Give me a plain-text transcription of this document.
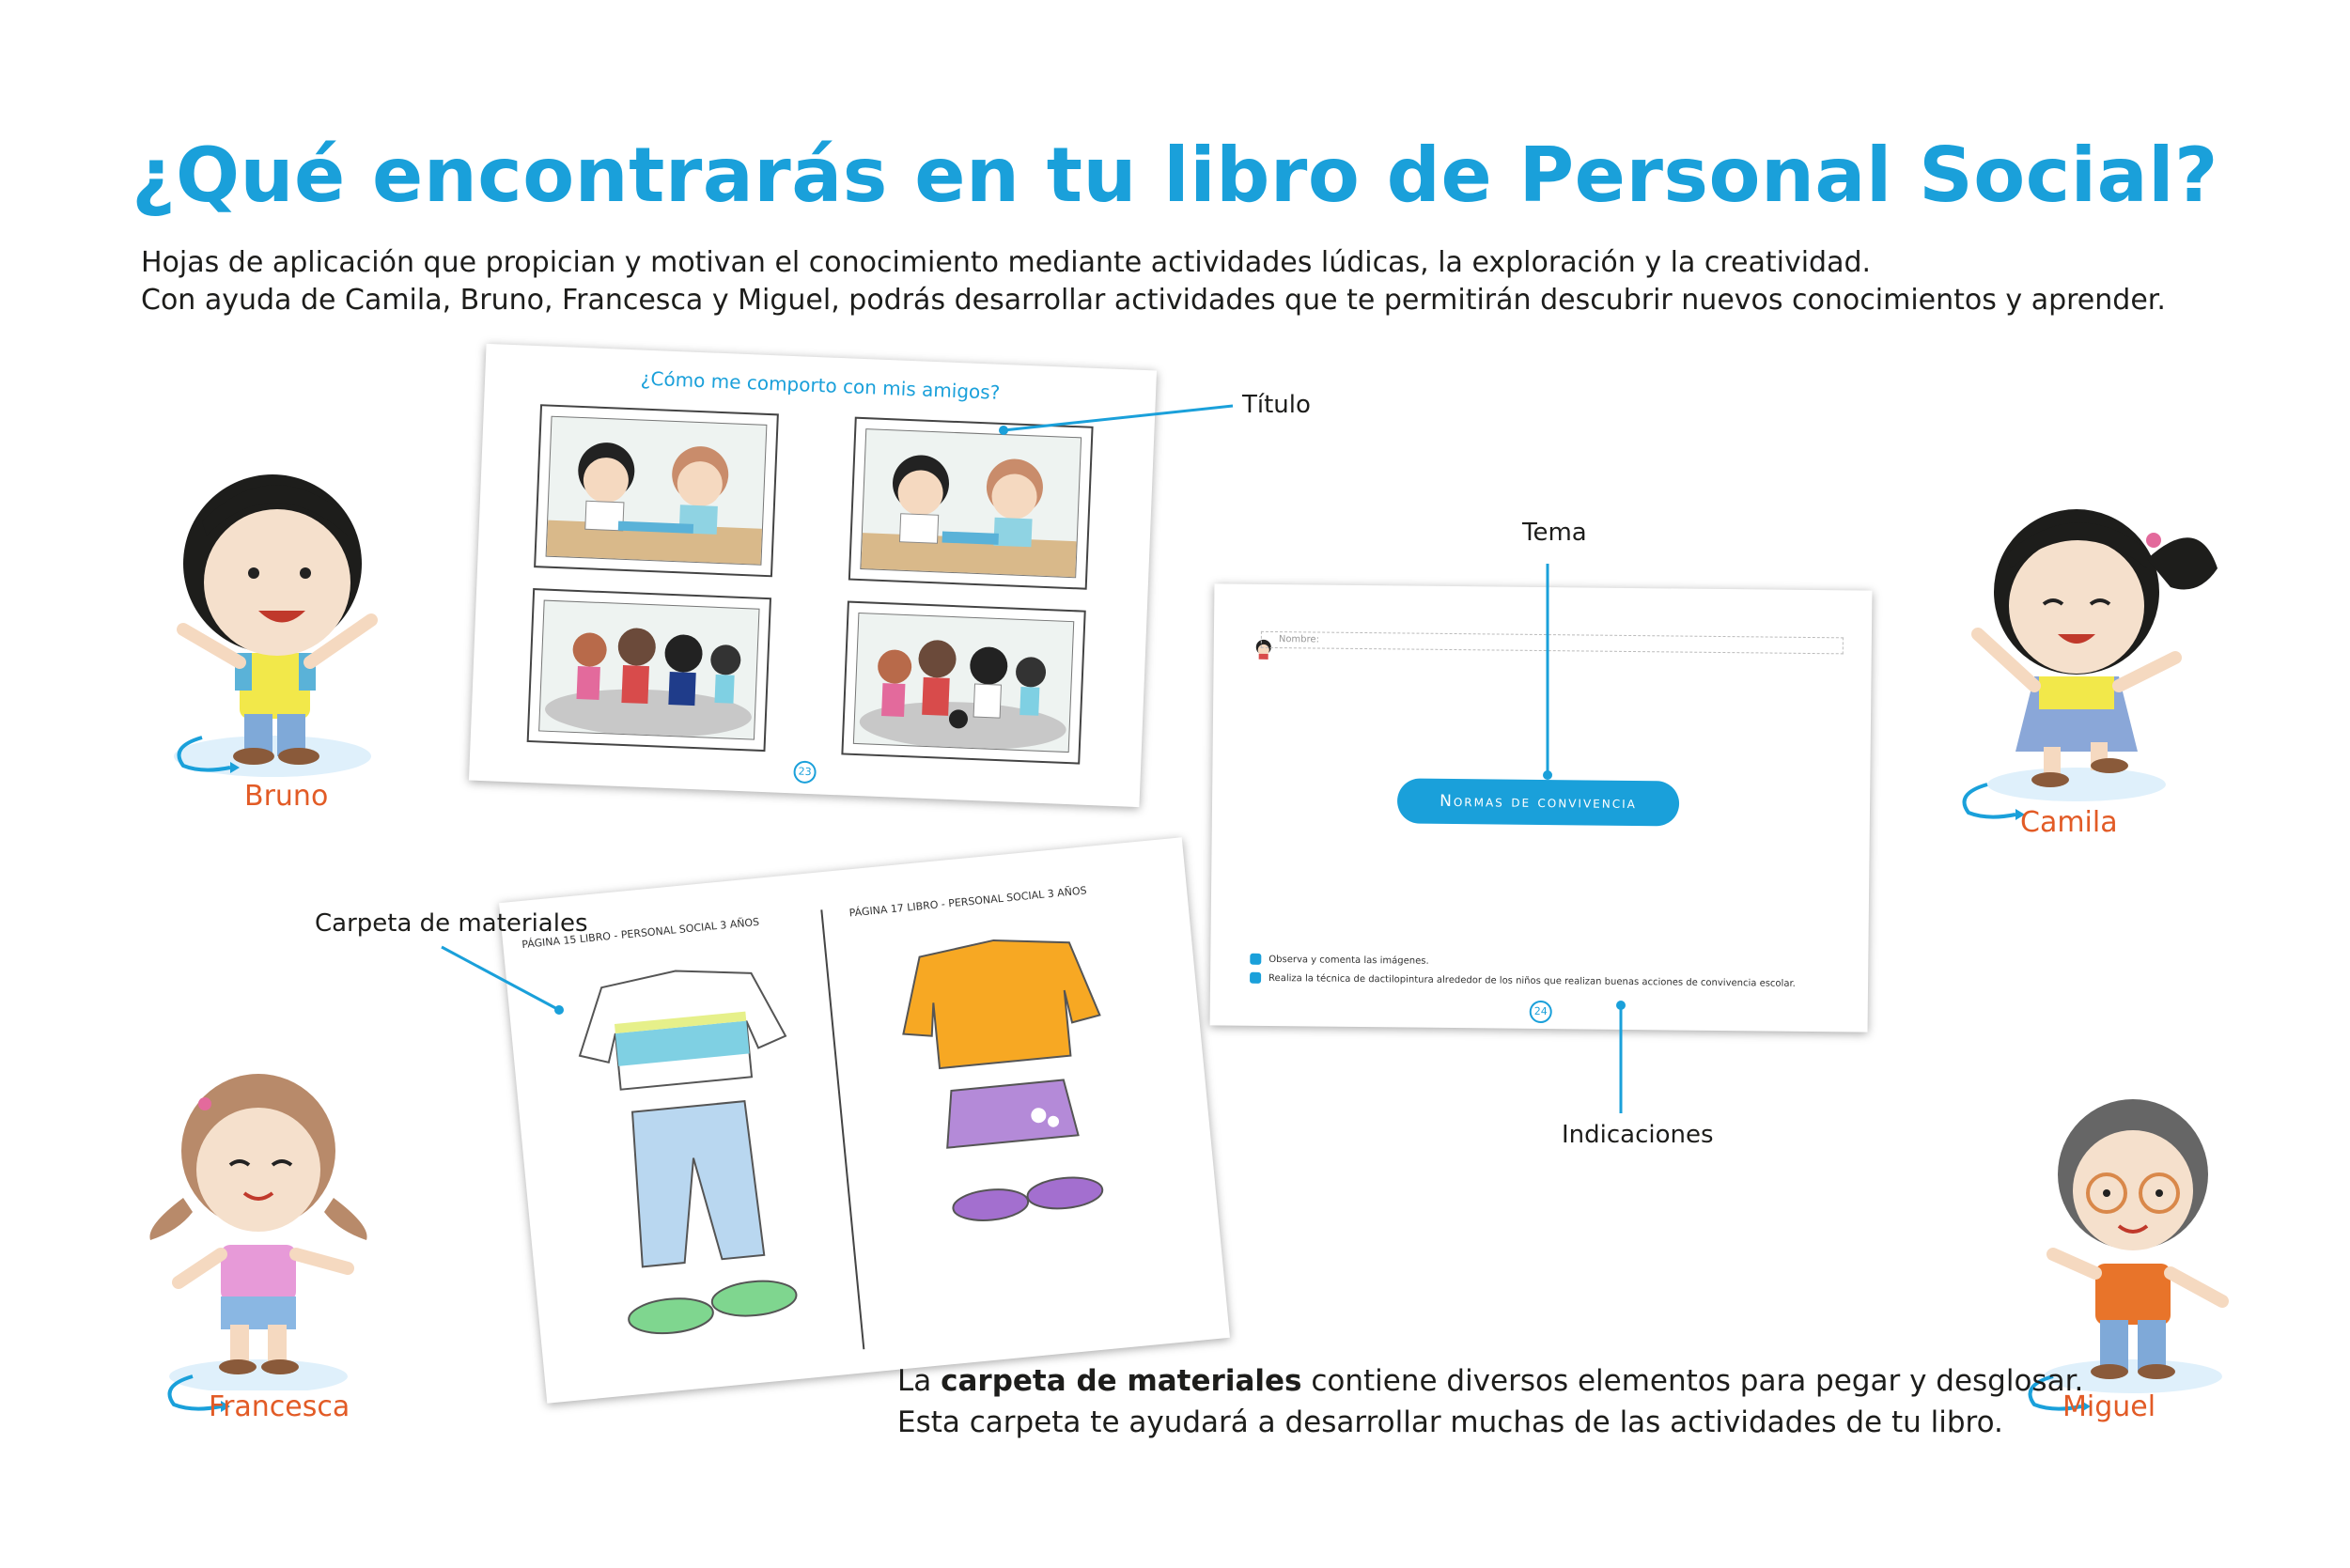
¿Qué encontrarás en tu libro de Personal Social?
Hojas de aplicación que propician y motivan el conocimiento mediante actividades lúdicas, la exploración y la creatividad.
Con ayuda de Camila, Bruno, Francesca y Miguel, podrás desarrollar actividades que te permitirán descubrir nuevos conocimientos y aprender.
¿Cómo me comporto con mis amigos?
23
Nombre:
Normas de convivencia
Observa y comenta las imágenes.
Realiza la técnica de dactilopintura alrededor de los niños que realizan buenas acciones de convivencia escolar.
24
PÁGINA 15 LIBRO - PERSONAL SOCIAL 3 AÑOS
PÁGINA 17 LIBRO - PERSONAL SOCIAL 3 AÑOS
Título
Tema
Indicaciones
Carpeta de materiales
Bruno
Camila
Francesca	Miguel
La carpeta de materiales contiene diversos elementos para pegar y desglosar.
Esta carpeta te ayudará a desarrollar muchas de las actividades de tu libro.
